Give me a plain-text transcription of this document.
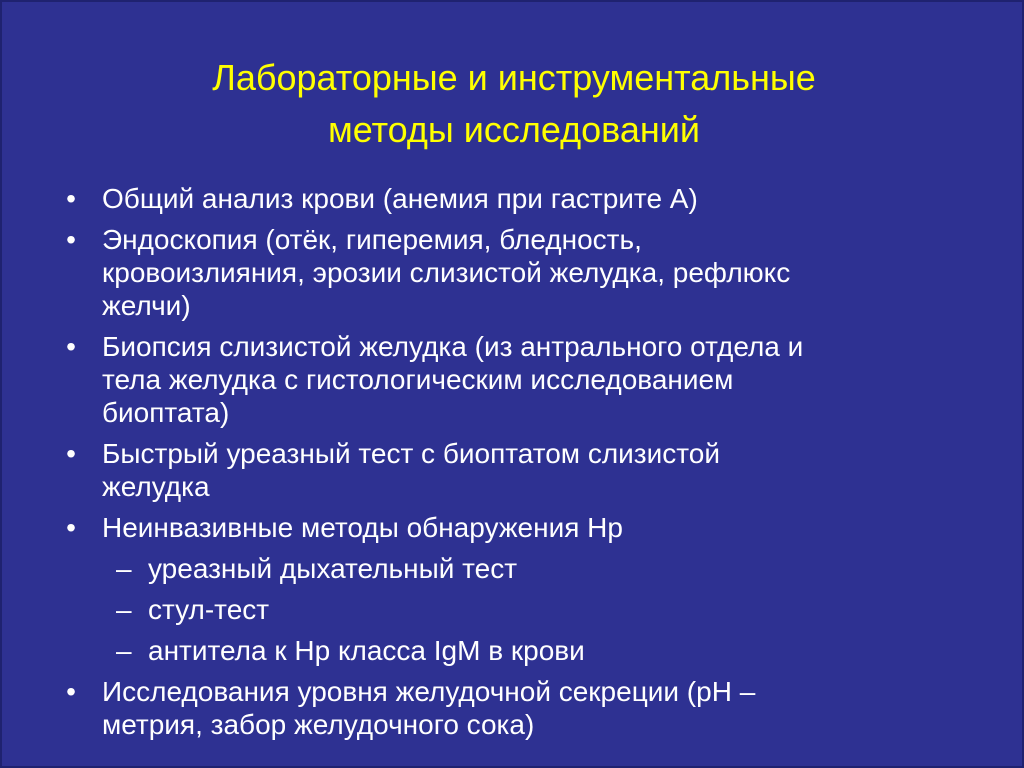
Лабораторные и инструментальные
методы исследований
• Общий анализ крови (анемия при гастрите А)
• Эндоскопия (отёк, гиперемия, бледность,
кровоизлияния, эрозии слизистой желудка, рефлюкс
желчи)
• Биопсия слизистой желудка (из антрального отдела и
тела желудка с гистологическим исследованием
биоптата)
• Быстрый уреазный тест с биоптатом слизистой
желудка
• Неинвазивные методы обнаружения Hp
– уреазный дыхательный тест
– стул-тест
– антитела к Hp класса IgM в крови
• Исследования уровня желудочной секреции (рН –
метрия, забор желудочного сока)
